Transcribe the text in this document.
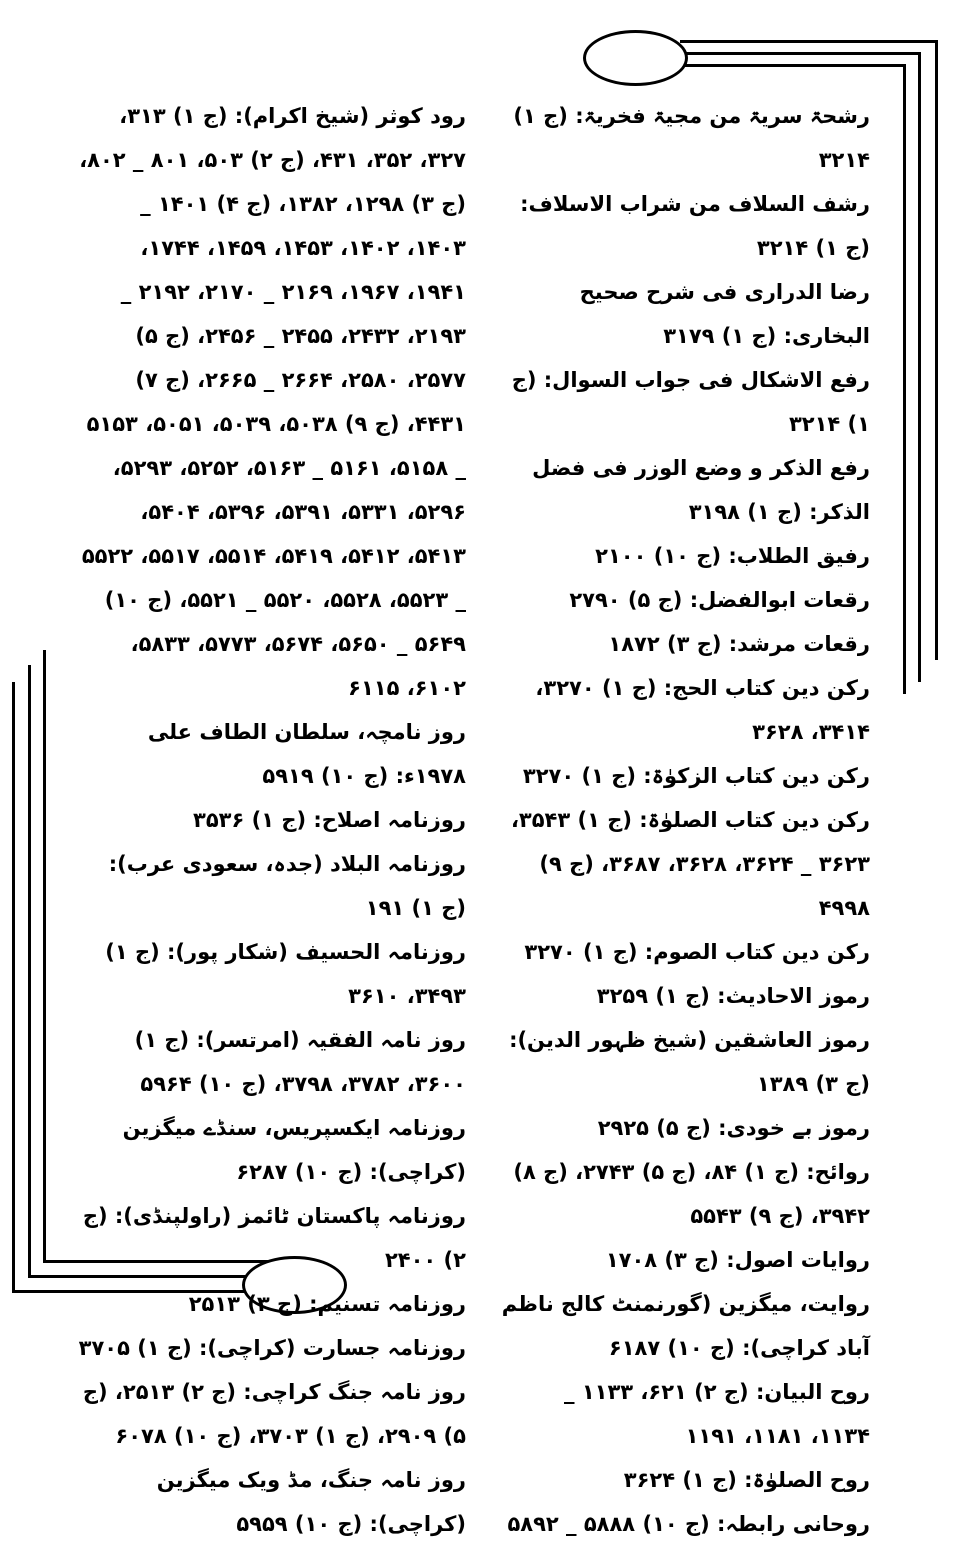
رشحۃ سریۃ من مجیۃ فخریۃ: (ج ۱) ۳۲۱۴

رشف السلاف من شراب الاسلاف: (ج ۱) ۳۲۱۴

رضا الدراری فی شرح صحیح البخاری: (ج ۱) ۳۱۷۹

رفع الاشکال فی جواب السوال: (ج ۱) ۳۲۱۴

رفع الذکر و وضع الوزر فی فضل الذکر: (ج ۱) ۳۱۹۸

رفیق الطلاب: (ج ۱۰) ۲۱۰۰

رقعات ابوالفضل: (ج ۵) ۲۷۹۰

رقعات مرشد: (ج ۳) ۱۸۷۲

رکن دین کتاب الحج: (ج ۱) ۳۲۷۰، ۳۴۱۴، ۳۶۲۸

رکن دین کتاب الزکوٰۃ: (ج ۱) ۳۲۷۰

رکن دین کتاب الصلوٰۃ: (ج ۱) ۳۵۴۳، ۳۶۲۳ _ ۳۶۲۴، ۳۶۲۸، ۳۶۸۷، (ج ۹) ۴۹۹۸

رکن دین کتاب الصوم: (ج ۱) ۳۲۷۰

رموز الاحادیث: (ج ۱) ۳۲۵۹

رموز العاشقین (شیخ ظہور الدین): (ج ۳) ۱۳۸۹

رموز بے خودی: (ج ۵) ۲۹۲۵

روائح: (ج ۱) ۸۴، (ج ۵) ۲۷۴۳، (ج ۸) ۳۹۴۲، (ج ۹) ۵۵۴۳

روایات اصول: (ج ۳) ۱۷۰۸

روایت، میگزین (گورنمنٹ کالج ناظم آباد کراچی): (ج ۱۰) ۶۱۸۷

روح البیان: (ج ۲) ۶۲۱، ۱۱۳۳ _ ۱۱۳۴، ۱۱۸۱، ۱۱۹۱

روح الصلوٰۃ: (ج ۱) ۳۶۲۴

روحانی رابطہ: (ج ۱۰) ۵۸۸۸ _ ۵۸۹۲

رود کوثر (شیخ اکرام): (ج ۱) ۳۱۳، ۳۲۷، ۳۵۲، ۴۳۱، (ج ۲) ۵۰۳، ۸۰۱ _ ۸۰۲، (ج ۳) ۱۲۹۸، ۱۳۸۲، (ج ۴) ۱۴۰۱ _ ۱۴۰۳، ۱۴۰۲، ۱۴۵۳، ۱۴۵۹، ۱۷۴۴، ۱۹۴۱، ۱۹۶۷، ۲۱۶۹ _ ۲۱۷۰، ۲۱۹۲ _ ۲۱۹۳، ۲۴۳۲، ۲۴۵۵ _ ۲۴۵۶، (ج ۵) ۲۵۷۷، ۲۵۸۰، ۲۶۶۴ _ ۲۶۶۵، (ج ۷) ۴۴۳۱، (ج ۹) ۵۰۳۸، ۵۰۳۹، ۵۰۵۱، ۵۱۵۳ _ ۵۱۵۸، ۵۱۶۱ _ ۵۱۶۳، ۵۲۵۲، ۵۲۹۳، ۵۲۹۶، ۵۳۳۱، ۵۳۹۱، ۵۳۹۶، ۵۴۰۴، ۵۴۱۳، ۵۴۱۲، ۵۴۱۹، ۵۵۱۴، ۵۵۱۷، ۵۵۲۲ _ ۵۵۲۳، ۵۵۲۸، ۵۵۲۰ _ ۵۵۲۱، (ج ۱۰) ۵۶۴۹ _ ۵۶۵۰، ۵۶۷۴، ۵۷۷۳، ۵۸۳۳، ۶۱۰۲، ۶۱۱۵

روز نامچہ، سلطان الطاف علی ۱۹۷۸ء: (ج ۱۰) ۵۹۱۹

روزنامہ اصلاح: (ج ۱) ۳۵۳۶

روزنامہ البلاد (جدہ، سعودی عرب): (ج ۱) ۱۹۱

روزنامہ الحسیف (شکار پور): (ج ۱) ۳۴۹۳، ۳۶۱۰

روز نامہ الفقیہ (امرتسر): (ج ۱) ۳۶۰۰، ۳۷۸۲، ۳۷۹۸، (ج ۱۰) ۵۹۶۴

روزنامہ ایکسپریس، سنڈے میگزین (کراچی): (ج ۱۰) ۶۲۸۷

روزنامہ پاکستان ٹائمز (راولپنڈی): (ج ۲) ۲۴۰۰

روزنامہ تسنیم: (ج ۳) ۲۵۱۳

روزنامہ جسارت (کراچی): (ج ۱) ۳۷۰۵

روز نامہ جنگ کراچی: (ج ۲) ۲۵۱۳، (ج ۵) ۲۹۰۹، (ج ۱) ۳۷۰۳، (ج ۱۰) ۶۰۷۸

روز نامہ جنگ، مڈ ویک میگزین (کراچی): (ج ۱۰) ۵۹۵۹
